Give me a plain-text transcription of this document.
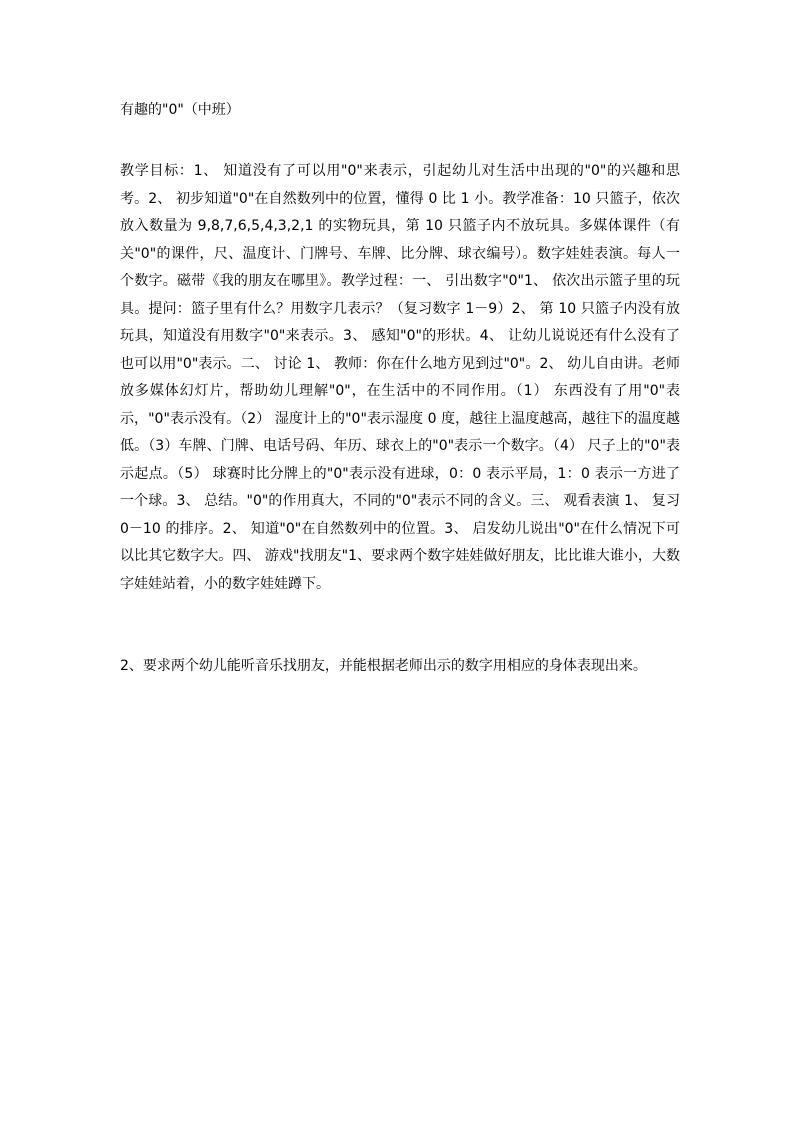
有趣的"0"（中班）

教学目标：1、 知道没有了可以用"0"来表示，引起幼儿对生活中出现的"0"的兴趣和思考。2、 初步知道"0"在自然数列中的位置，懂得 0 比 1 小。教学准备：10 只篮子，依次放入数量为 9,8,7,6,5,4,3,2,1 的实物玩具，第 10 只篮子内不放玩具。多媒体课件（有关"0"的课件，尺、温度计、门牌号、车牌、比分牌、球衣编号）。数字娃娃表演。每人一个数字。磁带《我的朋友在哪里》。教学过程：一、 引出数字"0"1、 依次出示篮子里的玩具。提问：篮子里有什么？用数字几表示？（复习数字 1－9）2、 第 10 只篮子内没有放玩具，知道没有用数字"0"来表示。3、 感知"0"的形状。4、 让幼儿说说还有什么没有了也可以用"0"表示。二、 讨论 1、 教师：你在什么地方见到过"0"。2、 幼儿自由讲。老师放多媒体幻灯片，帮助幼儿理解"0"，在生活中的不同作用。（1） 东西没有了用"0"表示，"0"表示没有。（2） 湿度计上的"0"表示湿度 0 度，越往上温度越高，越往下的温度越低。（3）车牌、门牌、电话号码、年历、球衣上的"0"表示一个数字。（4） 尺子上的"0"表示起点。（5） 球赛时比分牌上的"0"表示没有进球，0：0 表示平局，1：0 表示一方进了一个球。3、 总结。"0"的作用真大，不同的"0"表示不同的含义。三、 观看表演 1、 复习 0－10 的排序。2、 知道"0"在自然数列中的位置。3、 启发幼儿说出"0"在什么情况下可以比其它数字大。四、 游戏"找朋友"1、要求两个数字娃娃做好朋友，比比谁大谁小，大数字娃娃站着，小的数字娃娃蹲下。

2、要求两个幼儿能听音乐找朋友，并能根据老师出示的数字用相应的身体表现出来。
